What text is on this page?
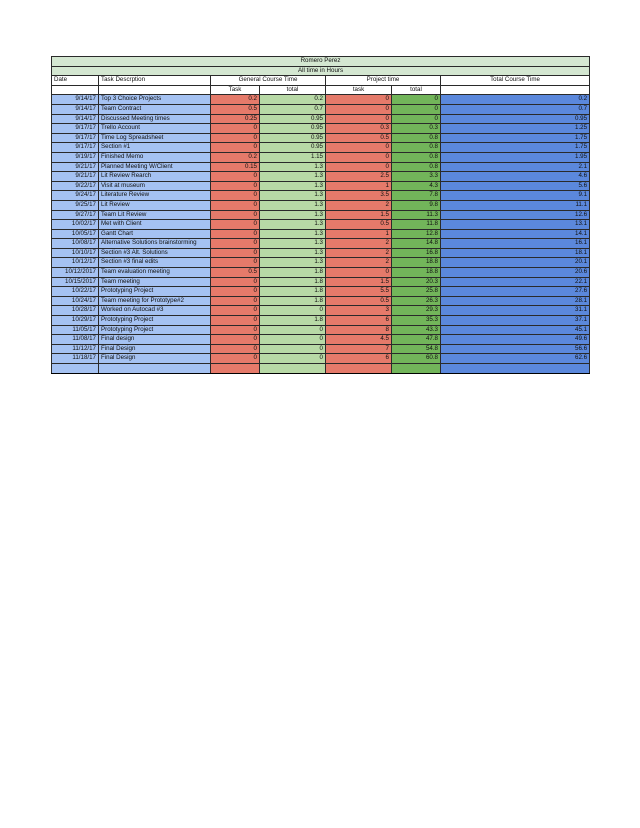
Romero Perez						
All time in Hours						
Date	Task Descrption	General Course Time		Project time		Total Course Time
		Task	total	task	total	
9/14/17	Top 3 Choice Projects	0.2	0.2	0	0	0.2
9/14/17	Team Contract	0.5	0.7	0	0	0.7
9/14/17	Discussed Meeting times	0.25	0.95	0	0	0.95
9/17/17	Trello Account	0	0.95	0.3	0.3	1.25
9/17/17	Time Log Spreadsheet	0	0.95	0.5	0.8	1.75
9/17/17	Section #1	0	0.95	0	0.8	1.75
9/19/17	Finished Memo	0.2	1.15	0	0.8	1.95
9/21/17	Planned Meeting W/Client	0.15	1.3	0	0.8	2.1
9/21/17	Lit Review Rearch	0	1.3	2.5	3.3	4.6
9/22/17	Visit at museum	0	1.3	1	4.3	5.6
9/24/17	Literature Review	0	1.3	3.5	7.8	9.1
9/25/17	Lit Review	0	1.3	2	9.8	11.1
9/27/17	Team Lit Review	0	1.3	1.5	11.3	12.6
10/02/17	Met with Client	0	1.3	0.5	11.8	13.1
10/05/17	Gantt Chart	0	1.3	1	12.8	14.1
10/08/17	Alternative Solutions brainstorming	0	1.3	2	14.8	16.1
10/10/17	Section #3 Alt. Solutions	0	1.3	2	16.8	18.1
10/12/17	Section #3 final edits	0	1.3	2	18.8	20.1
10/12/2017	Team evaluation meeting	0.5	1.8	0	18.8	20.6
10/15/2017	Team meeting	0	1.8	1.5	20.3	22.1
10/22/17	Prototyping Project	0	1.8	5.5	25.8	27.6
10/24/17	Team meeting for Prototype#2	0	1.8	0.5	26.3	28.1
10/28/17	Worked on Autocad #3	0	0	3	29.3	31.1
10/29/17	Prototyping Project	0	1.8	6	35.3	37.1
11/05/17	Prototyping Project	0	0	8	43.3	45.1
11/08/17	Final design	0	0	4.5	47.8	49.6
11/12/17	Final Design	0	0	7	54.8	56.6
11/18/17	Final Design	0	0	6	60.8	62.6
